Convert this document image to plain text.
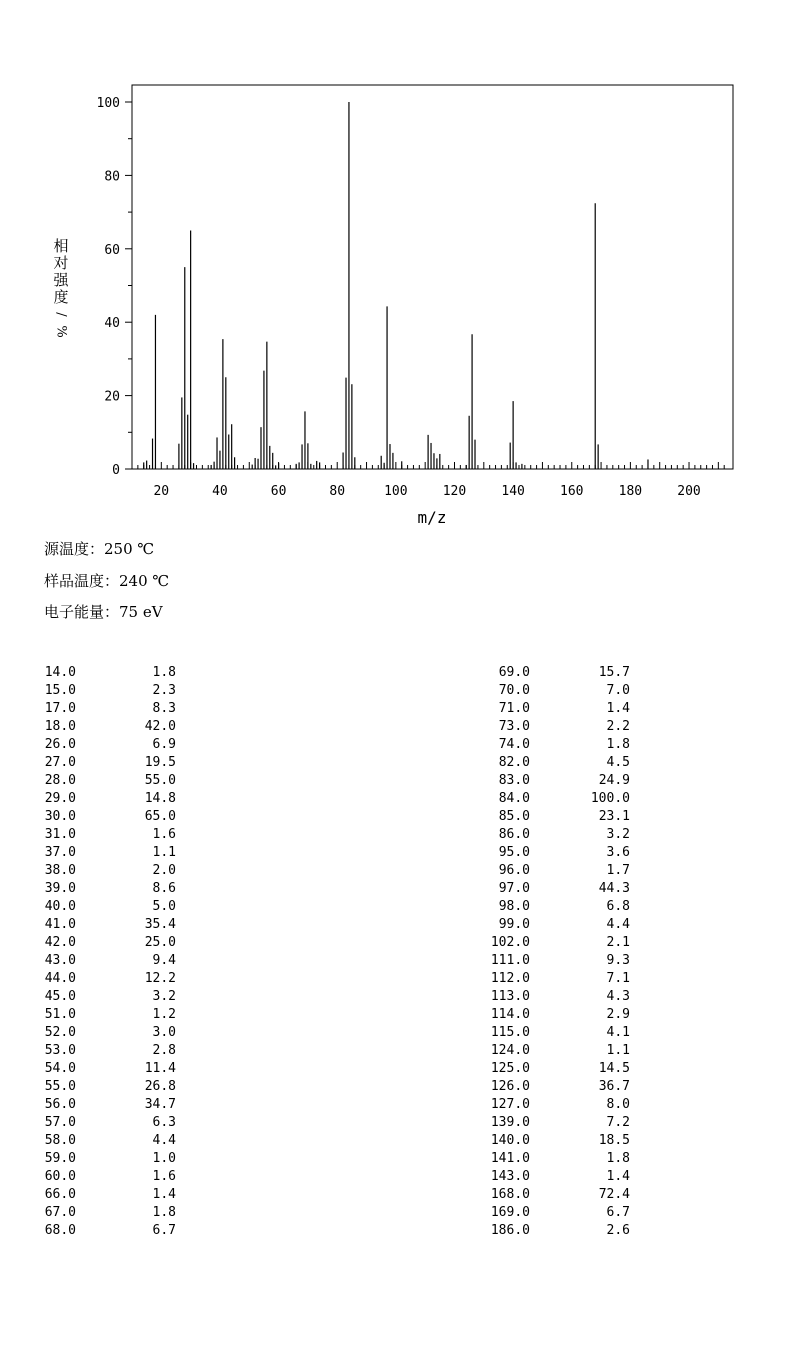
20	40	60	80	100	120	140	160	180	200
0
20
40
60
80
100
m/z
相
对
强
度
/
%
源温度：250 ℃
样品温度：240 ℃
电子能量：75 eV
14.0	1.8
15.0	2.3
17.0	8.3
18.0	42.0
26.0	6.9
27.0	19.5
28.0	55.0
29.0	14.8
30.0	65.0
31.0	1.6
37.0	1.1
38.0	2.0
39.0	8.6
40.0	5.0
41.0	35.4
42.0	25.0
43.0	9.4
44.0	12.2
45.0	3.2
51.0	1.2
52.0	3.0
53.0	2.8
54.0	11.4
55.0	26.8
56.0	34.7
57.0	6.3
58.0	4.4
59.0	1.0
60.0	1.6
66.0	1.4
67.0	1.8
68.0	6.7
69.0	15.7
70.0	7.0
71.0	1.4
73.0	2.2
74.0	1.8
82.0	4.5
83.0	24.9
84.0	100.0
85.0	23.1
86.0	3.2
95.0	3.6
96.0	1.7
97.0	44.3
98.0	6.8
99.0	4.4
102.0	2.1
111.0	9.3
112.0	7.1
113.0	4.3
114.0	2.9
115.0	4.1
124.0	1.1
125.0	14.5
126.0	36.7
127.0	8.0
139.0	7.2
140.0	18.5
141.0	1.8
143.0	1.4
168.0	72.4
169.0	6.7
186.0	2.6
